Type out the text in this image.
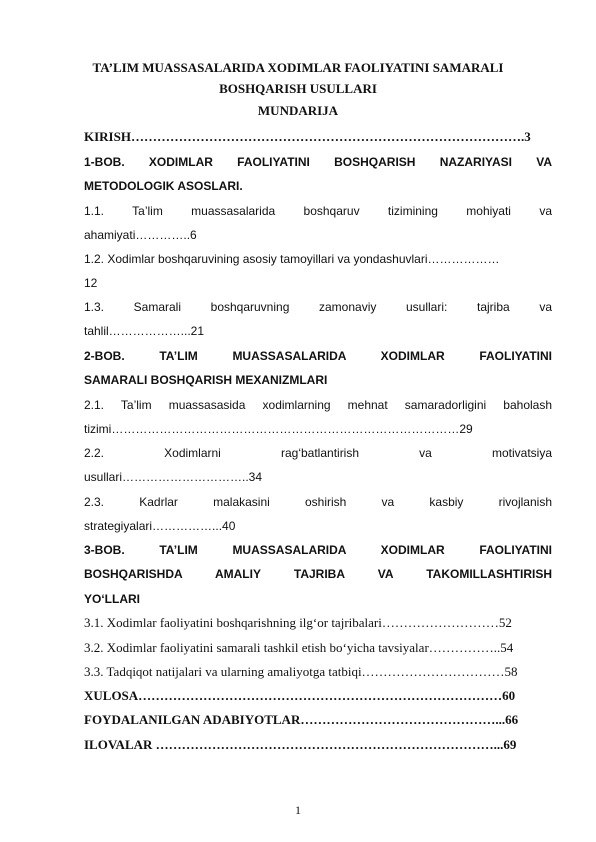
TA’LIM MUASSASALARIDA XODIMLAR FAOLIYATINI SAMARALI
BOSHQARISH USULLARI
MUNDARIJA
KIRISH……………………………………………………………………………….3
1-BOB. XODIMLAR FAOLIYATINI BOSHQARISH NAZARIYASI VA
METODOLOGIK ASOSLARI.
1.1. Ta’lim muassasalarida boshqaruv tizimining mohiyati va
ahamiyati…………..6
1.2. Xodimlar boshqaruvining asosiy tamoyillari va yondashuvlari………………
12
1.3. Samarali boshqaruvning zamonaviy usullari: tajriba va
tahlil………………...21
2-BOB. TA’LIM MUASSASALARIDA XODIMLAR FAOLIYATINI
SAMARALI BOSHQARISH MEXANIZMLARI
2.1. Ta’lim muassasasida xodimlarning mehnat samaradorligini baholash
tizimi……………………………………………………………………………29
2.2. Xodimlarni rag‘batlantirish va motivatsiya
usullari…………………………..34
2.3. Kadrlar malakasini oshirish va kasbiy rivojlanish
strategiyalari……………...40
3-BOB. TA’LIM MUASSASALARIDA XODIMLAR FAOLIYATINI
BOSHQARISHDA AMALIY TAJRIBA VA TAKOMILLASHTIRISH
YO‘LLARI
3.1. Xodimlar faoliyatini boshqarishning ilg‘or tajribalari………………………52
3.2. Xodimlar faoliyatini samarali tashkil etish bo‘yicha tavsiyalar……………..54
3.3. Tadqiqot natijalari va ularning amaliyotga tatbiqi……………………………58
XULOSA…………………………………………………………………………60
FOYDALANILGAN ADABIYOTLAR………………………………………...66
ILOVALAR ……………………………………………………………………...69
1
